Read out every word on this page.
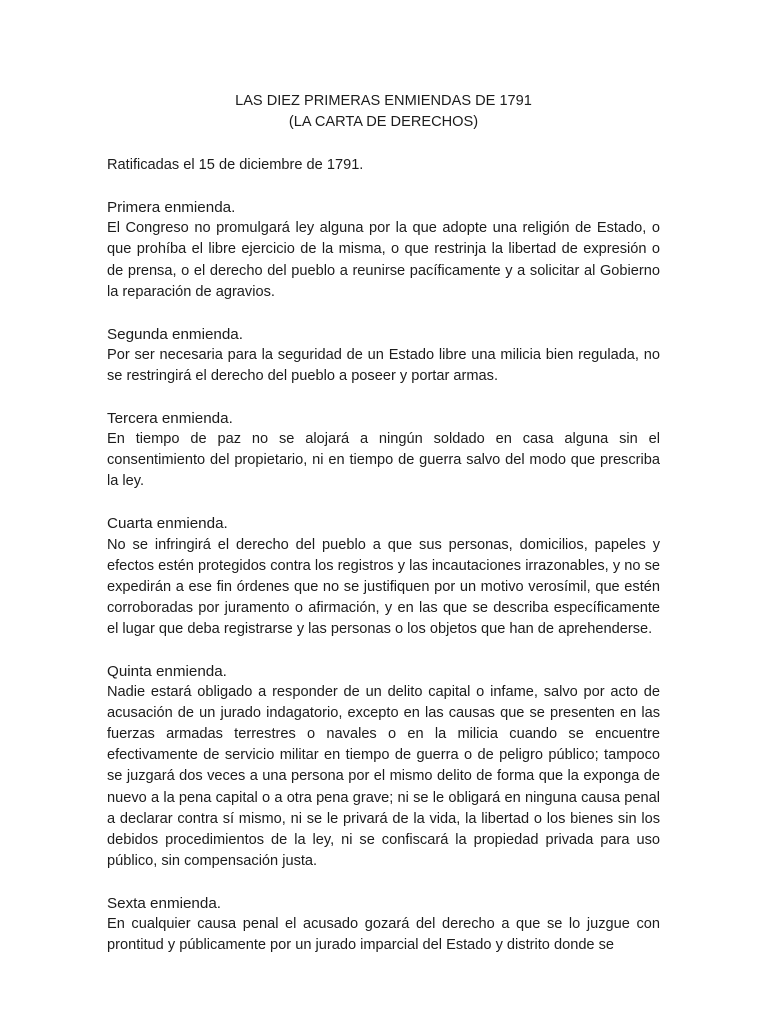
LAS DIEZ PRIMERAS ENMIENDAS DE 1791
(LA CARTA DE DERECHOS)

Ratificadas el 15 de diciembre de 1791.

Primera enmienda.

El Congreso no promulgará ley alguna por la que adopte una religión de Estado, o que prohíba el libre ejercicio de la misma, o que restrinja la libertad de expresión o de prensa, o el derecho del pueblo a reunirse pacíficamente y a solicitar al Gobierno la reparación de agravios.

Segunda enmienda.

Por ser necesaria para la seguridad de un Estado libre una milicia bien regulada, no se restringirá el derecho del pueblo a poseer y portar armas.

Tercera enmienda.

En tiempo de paz no se alojará a ningún soldado en casa alguna sin el consentimiento del propietario, ni en tiempo de guerra salvo del modo que prescriba la ley.

Cuarta enmienda.

No se infringirá el derecho del pueblo a que sus personas, domicilios, papeles y efectos estén protegidos contra los registros y las incautaciones irrazonables, y no se expedirán a ese fin órdenes que no se justifiquen por un motivo verosímil, que estén corroboradas por juramento o afirmación, y en las que se describa específicamente el lugar que deba registrarse y las personas o los objetos que han de aprehenderse.

Quinta enmienda.

Nadie estará obligado a responder de un delito capital o infame, salvo por acto de acusación de un jurado indagatorio, excepto en las causas que se presenten en las fuerzas armadas terrestres o navales o en la milicia cuando se encuentre efectivamente de servicio militar en tiempo de guerra o de peligro público; tampoco se juzgará dos veces a una persona por el mismo delito de forma que la exponga de nuevo a la pena capital o a otra pena grave; ni se le obligará en ninguna causa penal a declarar contra sí mismo, ni se le privará de la vida, la libertad o los bienes sin los debidos procedimientos de la ley, ni se confiscará la propiedad privada para uso público, sin compensación justa.

Sexta enmienda.

En cualquier causa penal el acusado gozará del derecho a que se lo juzgue con prontitud y públicamente por un jurado imparcial del Estado y distrito donde se
